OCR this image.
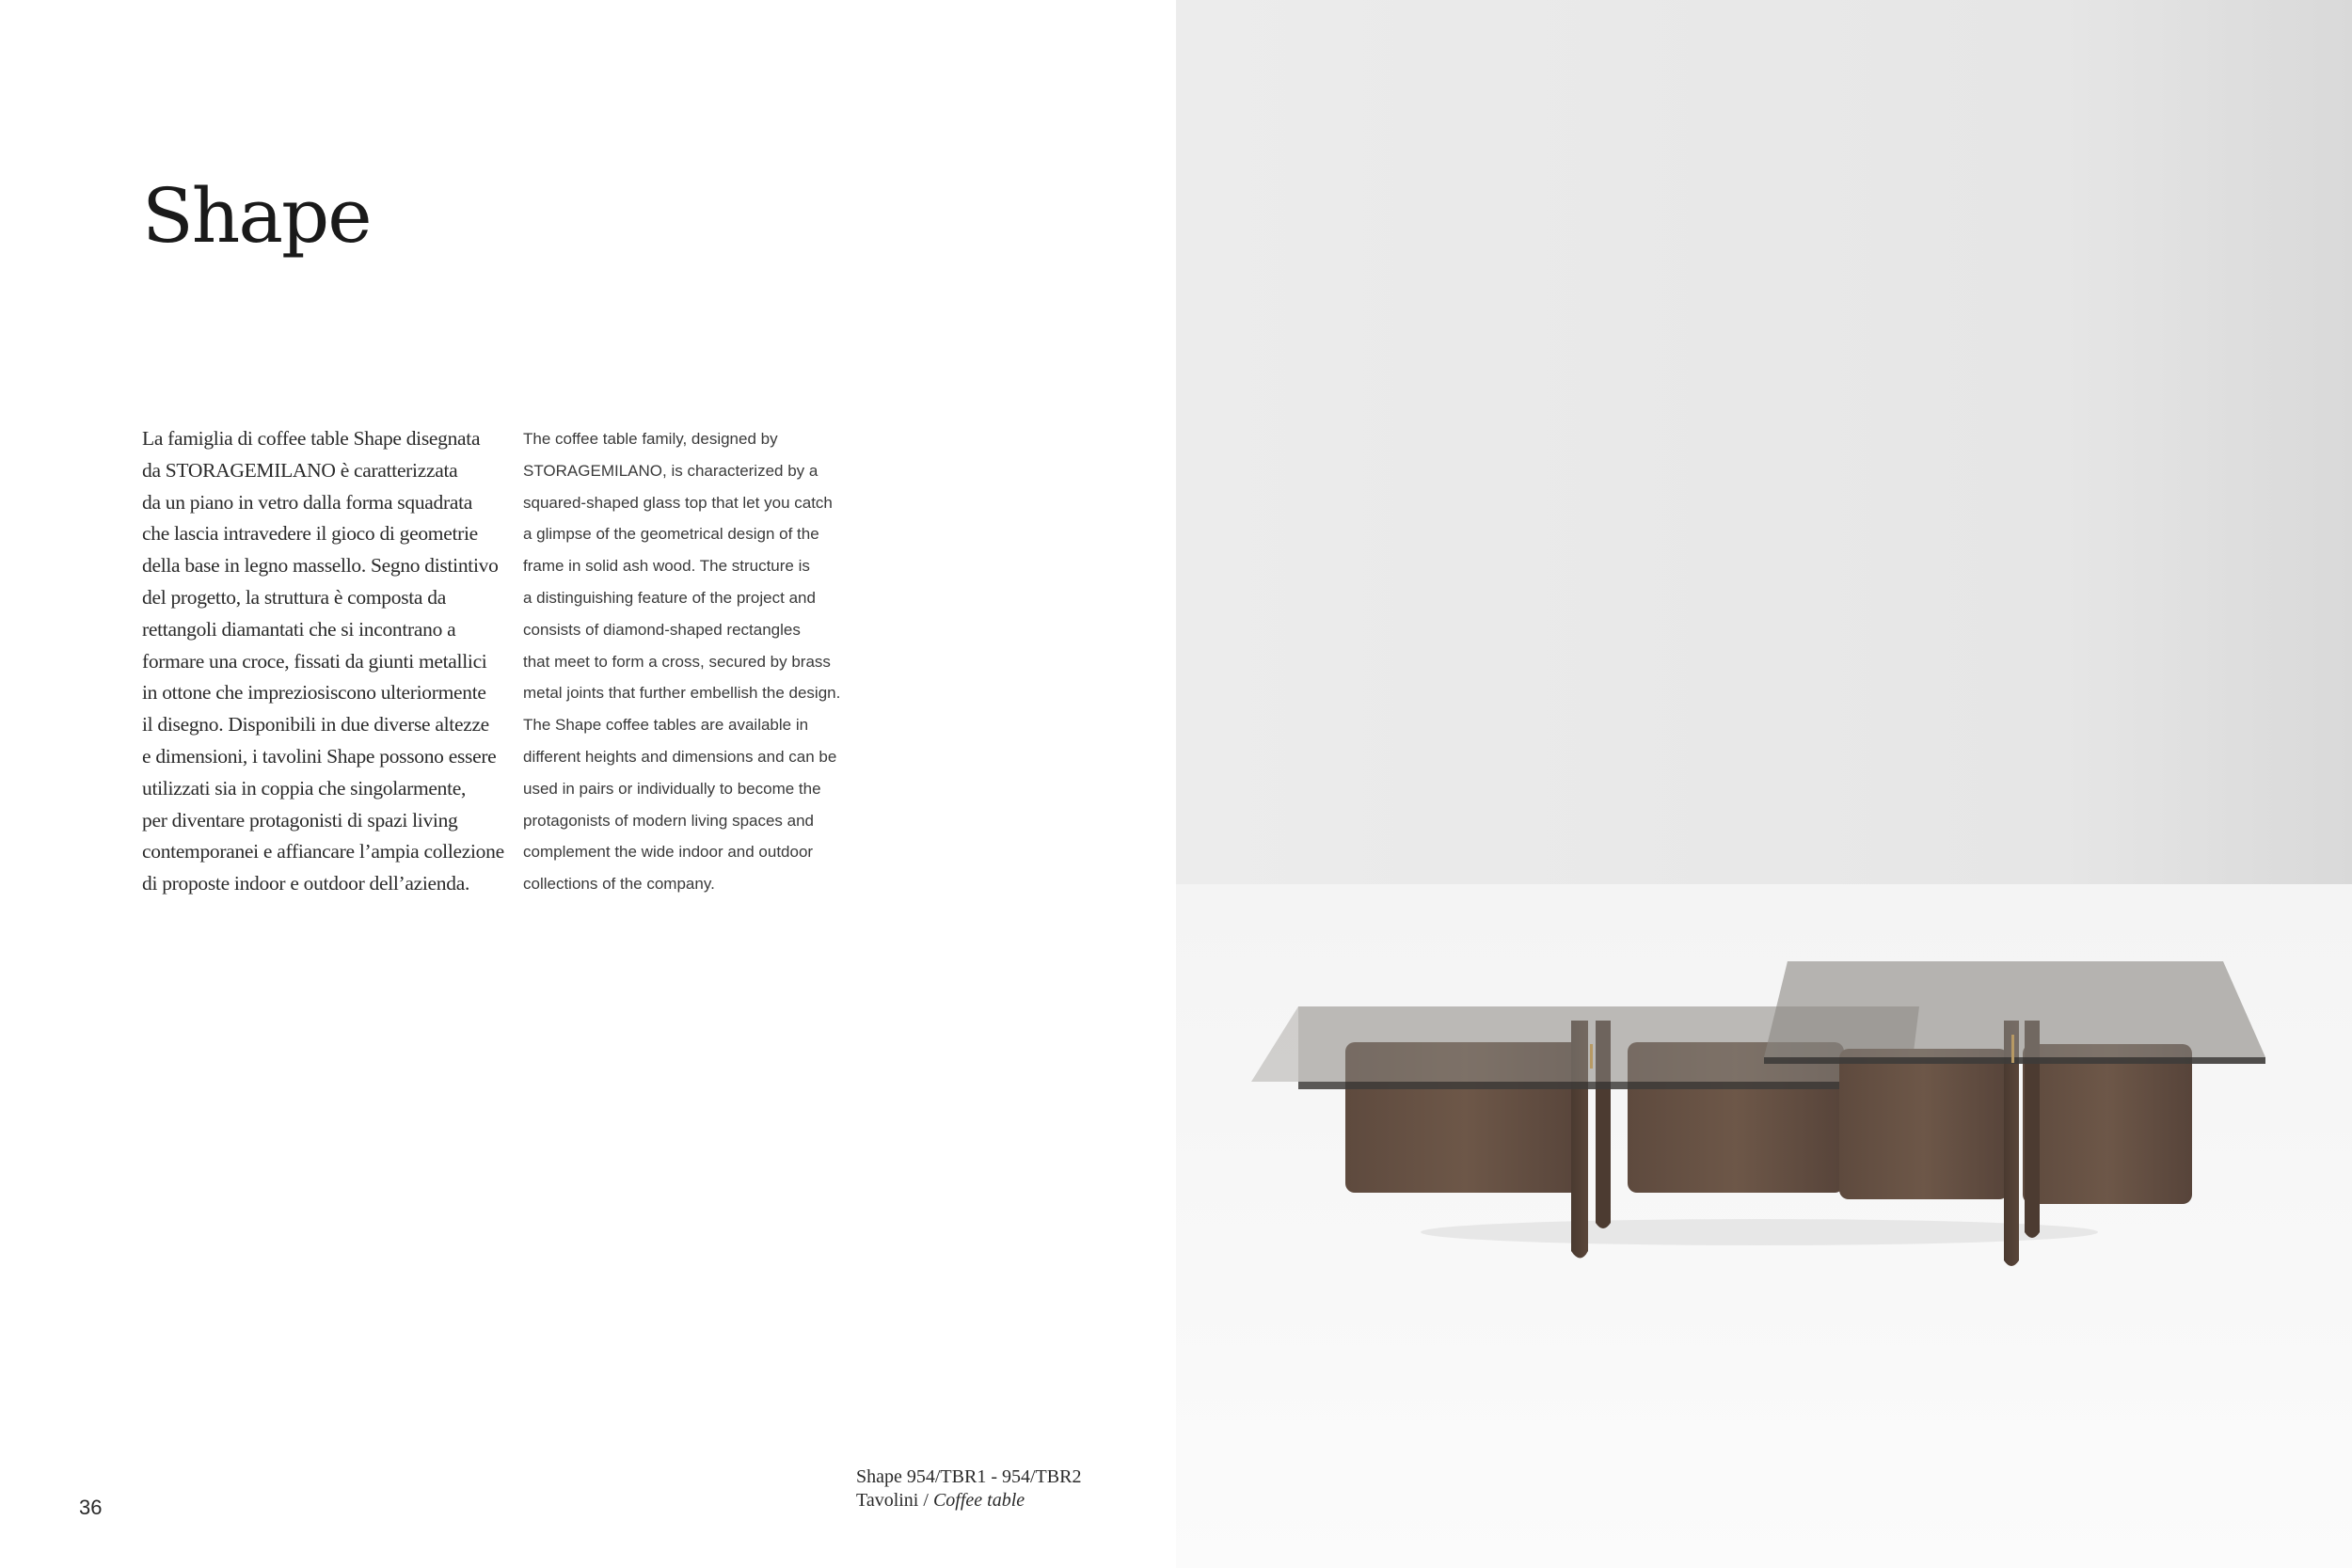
Shape
La famiglia di coffee table Shape disegnata
da STORAGEMILANO è caratterizzata
da un piano in vetro dalla forma squadrata
che lascia intravedere il gioco di geometrie
della base in legno massello. Segno distintivo
del progetto, la struttura è composta da
rettangoli diamantati che si incontrano a
formare una croce, fissati da giunti metallici
in ottone che impreziosiscono ulteriormente
il disegno. Disponibili in due diverse altezze
e dimensioni, i tavolini Shape possono essere
utilizzati sia in coppia che singolarmente,
per diventare protagonisti di spazi living
contemporanei e affiancare l’ampia collezione
di proposte indoor e outdoor dell’azienda.
The coffee table family, designed by
STORAGEMILANO, is characterized by a
squared-shaped glass top that let you catch
a glimpse of the geometrical design of the
frame in solid ash wood. The structure is
a distinguishing feature of the project and
consists of diamond-shaped rectangles
that meet to form a cross, secured by brass
metal joints that further embellish the design.
The Shape coffee tables are available in
different heights and dimensions and can be
used in pairs or individually to become the
protagonists of modern living spaces and
complement the wide indoor and outdoor
collections of the company.
Shape 954/TBR1 - 954/TBR2
Tavolini / Coffee table
36
